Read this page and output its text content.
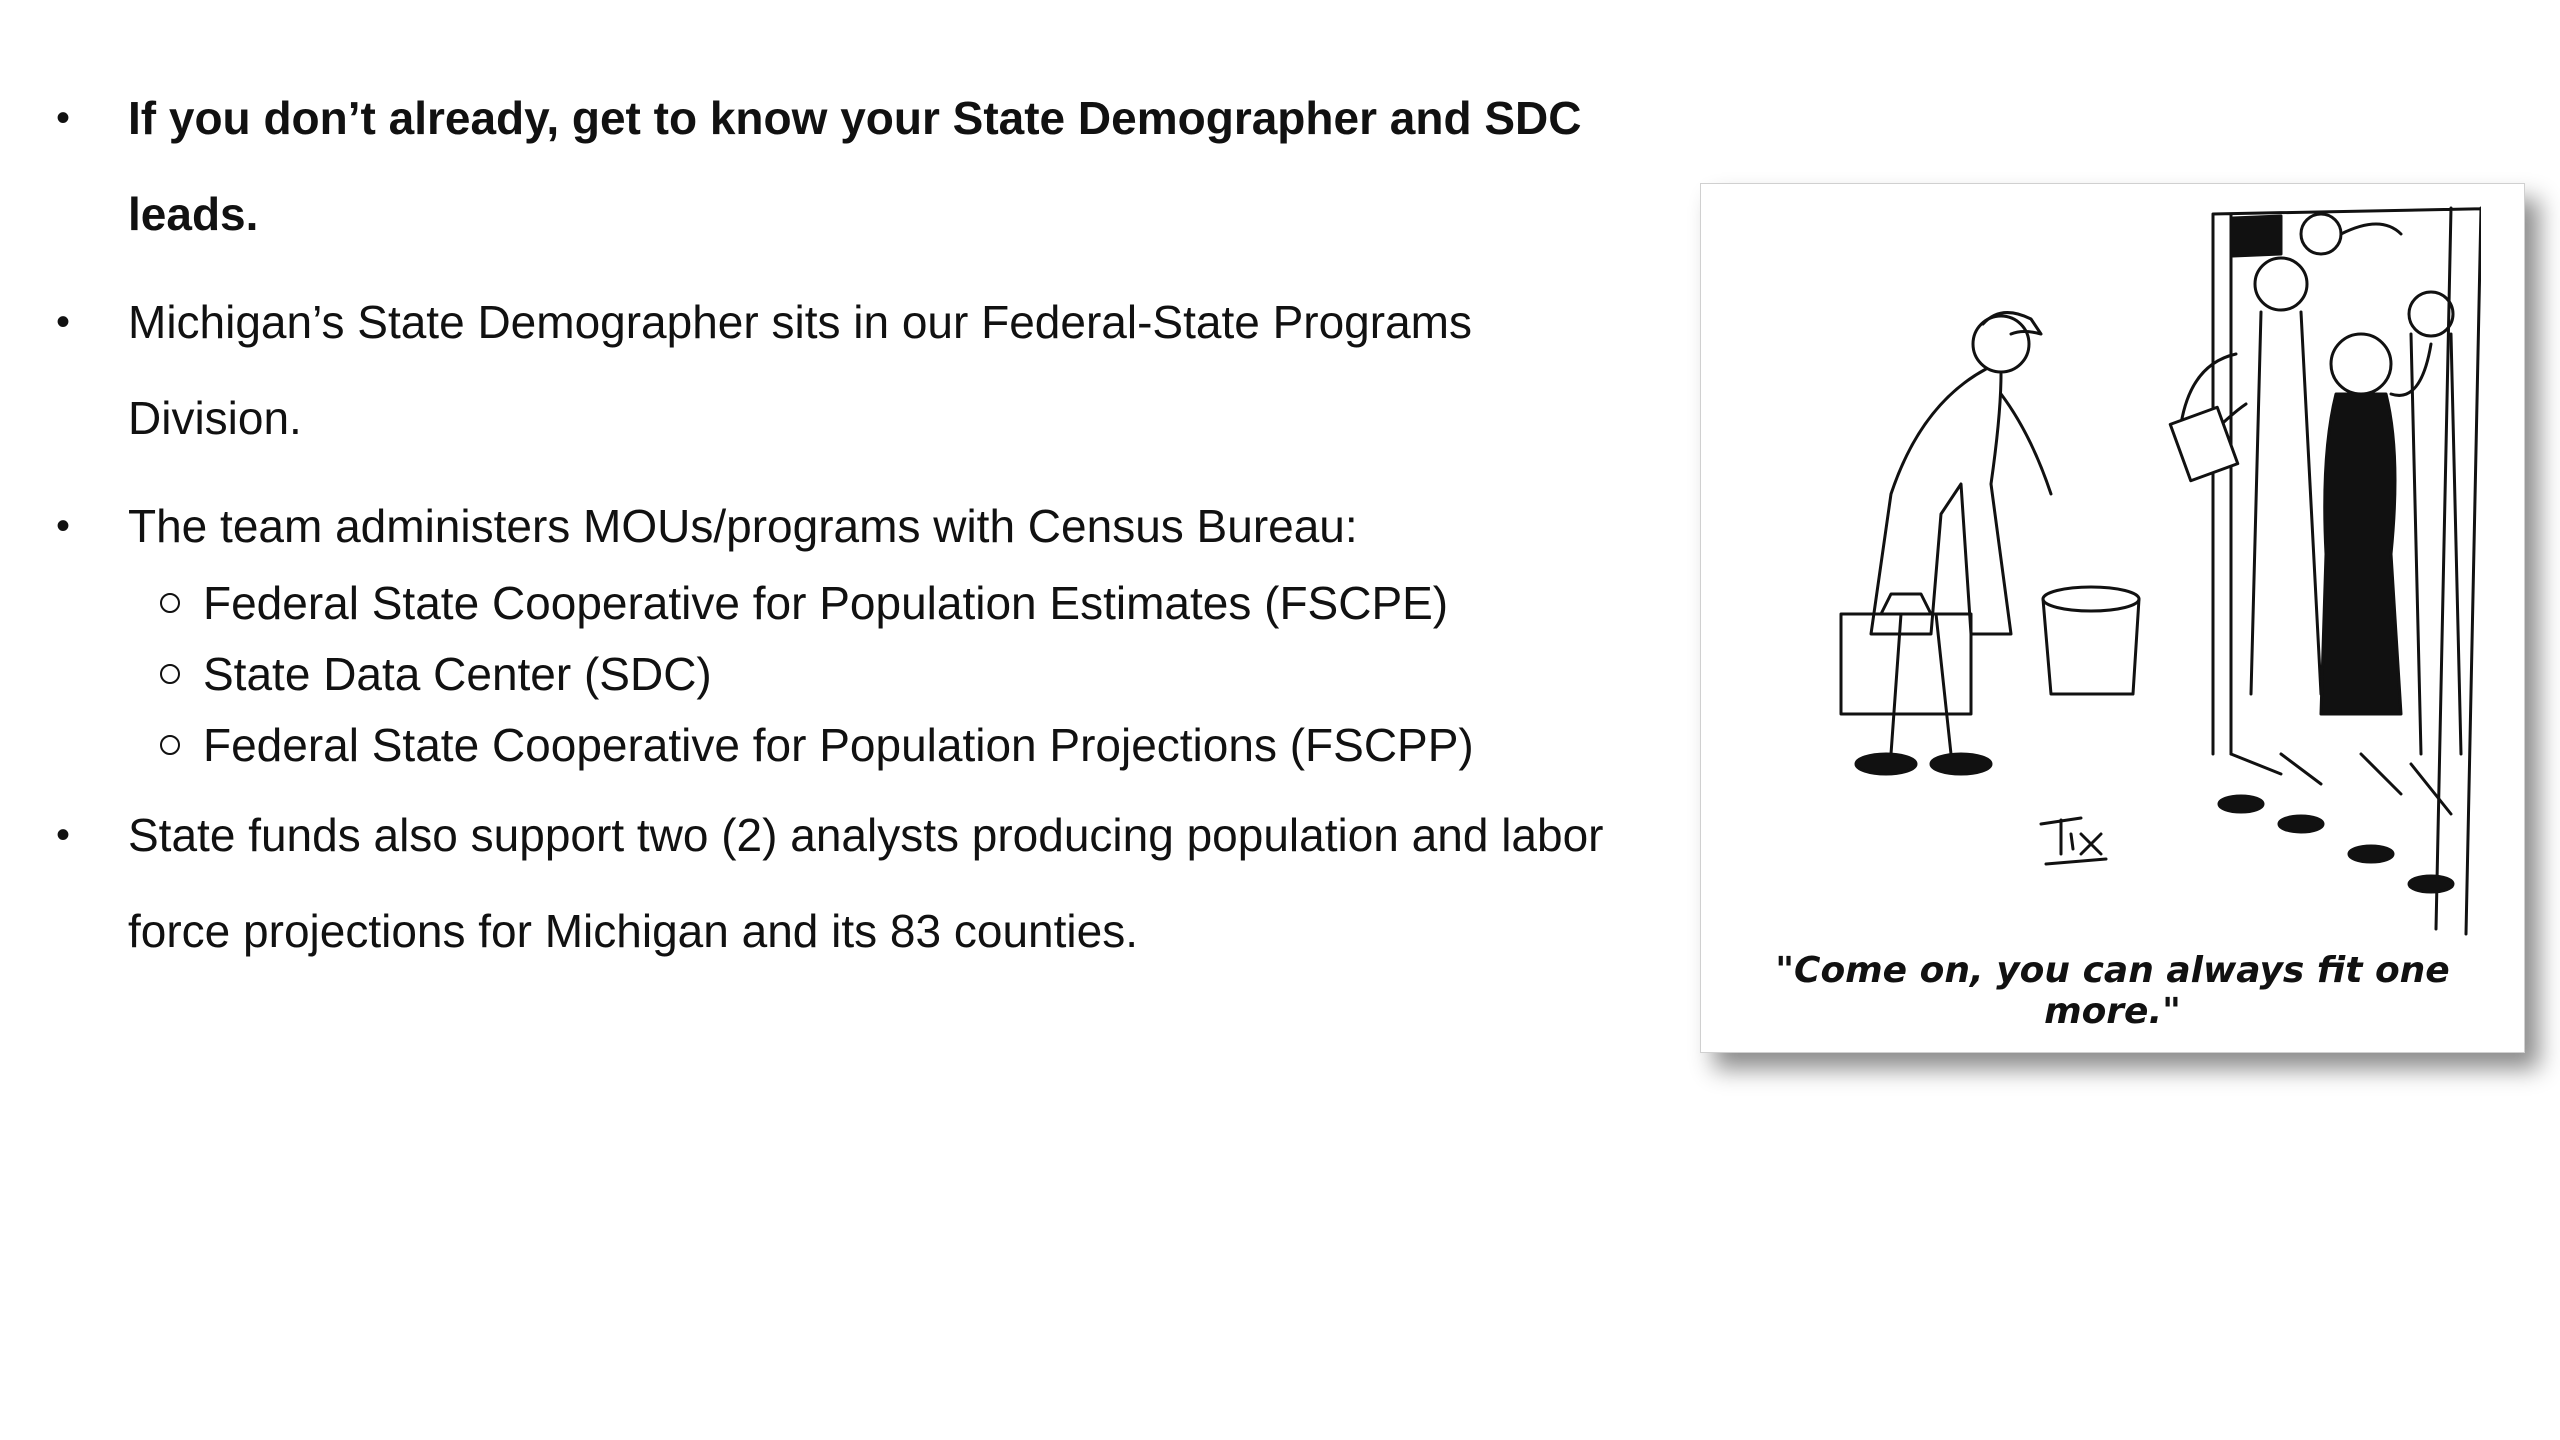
• If you don’t already, get to know your State Demographer and SDC leads.
• Michigan’s State Demographer sits in our Federal-State Programs Division.
• The team administers MOUs/programs with Census Bureau:
Federal State Cooperative for Population Estimates (FSCPE)
State Data Center (SDC)
Federal State Cooperative for Population Projections (FSCPP)
• State funds also support two (2) analysts producing population and labor force projections for Michigan and its 83 counties.
"Come on, you can always fit one more."
